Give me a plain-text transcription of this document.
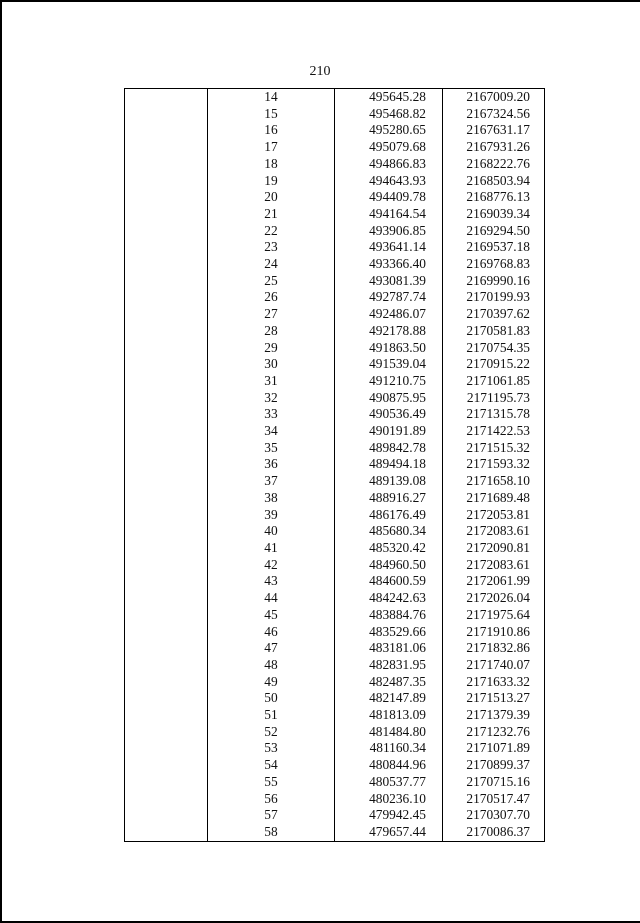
210
	14	495645.28	2167009.20
	15	495468.82	2167324.56
	16	495280.65	2167631.17
	17	495079.68	2167931.26
	18	494866.83	2168222.76
	19	494643.93	2168503.94
	20	494409.78	2168776.13
	21	494164.54	2169039.34
	22	493906.85	2169294.50
	23	493641.14	2169537.18
	24	493366.40	2169768.83
	25	493081.39	2169990.16
	26	492787.74	2170199.93
	27	492486.07	2170397.62
	28	492178.88	2170581.83
	29	491863.50	2170754.35
	30	491539.04	2170915.22
	31	491210.75	2171061.85
	32	490875.95	2171195.73
	33	490536.49	2171315.78
	34	490191.89	2171422.53
	35	489842.78	2171515.32
	36	489494.18	2171593.32
	37	489139.08	2171658.10
	38	488916.27	2171689.48
	39	486176.49	2172053.81
	40	485680.34	2172083.61
	41	485320.42	2172090.81
	42	484960.50	2172083.61
	43	484600.59	2172061.99
	44	484242.63	2172026.04
	45	483884.76	2171975.64
	46	483529.66	2171910.86
	47	483181.06	2171832.86
	48	482831.95	2171740.07
	49	482487.35	2171633.32
	50	482147.89	2171513.27
	51	481813.09	2171379.39
	52	481484.80	2171232.76
	53	481160.34	2171071.89
	54	480844.96	2170899.37
	55	480537.77	2170715.16
	56	480236.10	2170517.47
	57	479942.45	2170307.70
	58	479657.44	2170086.37
